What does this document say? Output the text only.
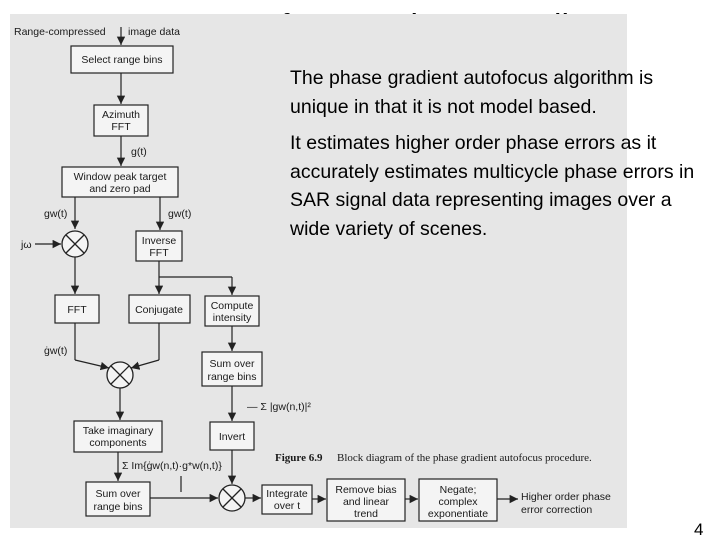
Range-compressed image data
Select range bins
Azimuth
FFT
g(t)
Window peak target
and zero pad
gw(t)	gw(t)
jω	Inverse
FFT
FFT	Conjugate	Compute
intensity
ġw(t)
Sum over
range bins
— Σ |gw(n,t)|²
Take imaginary
components	Invert
Σ Im{ġw(n,t)·g*w(n,t)}
Sum over
range bins
Integrate
over t
Remove bias
and linear
trend
Negate;
complex
exponentiate
Higher order phase
error correction
Figure 6.9 Block diagram of the phase gradient autofocus procedure.

The phase gradient autofocus algorithm is unique in that it is not model based.

It estimates higher order phase errors as it accurately estimates multicycle phase errors in SAR signal data representing images over a wide variety of scenes.

4
